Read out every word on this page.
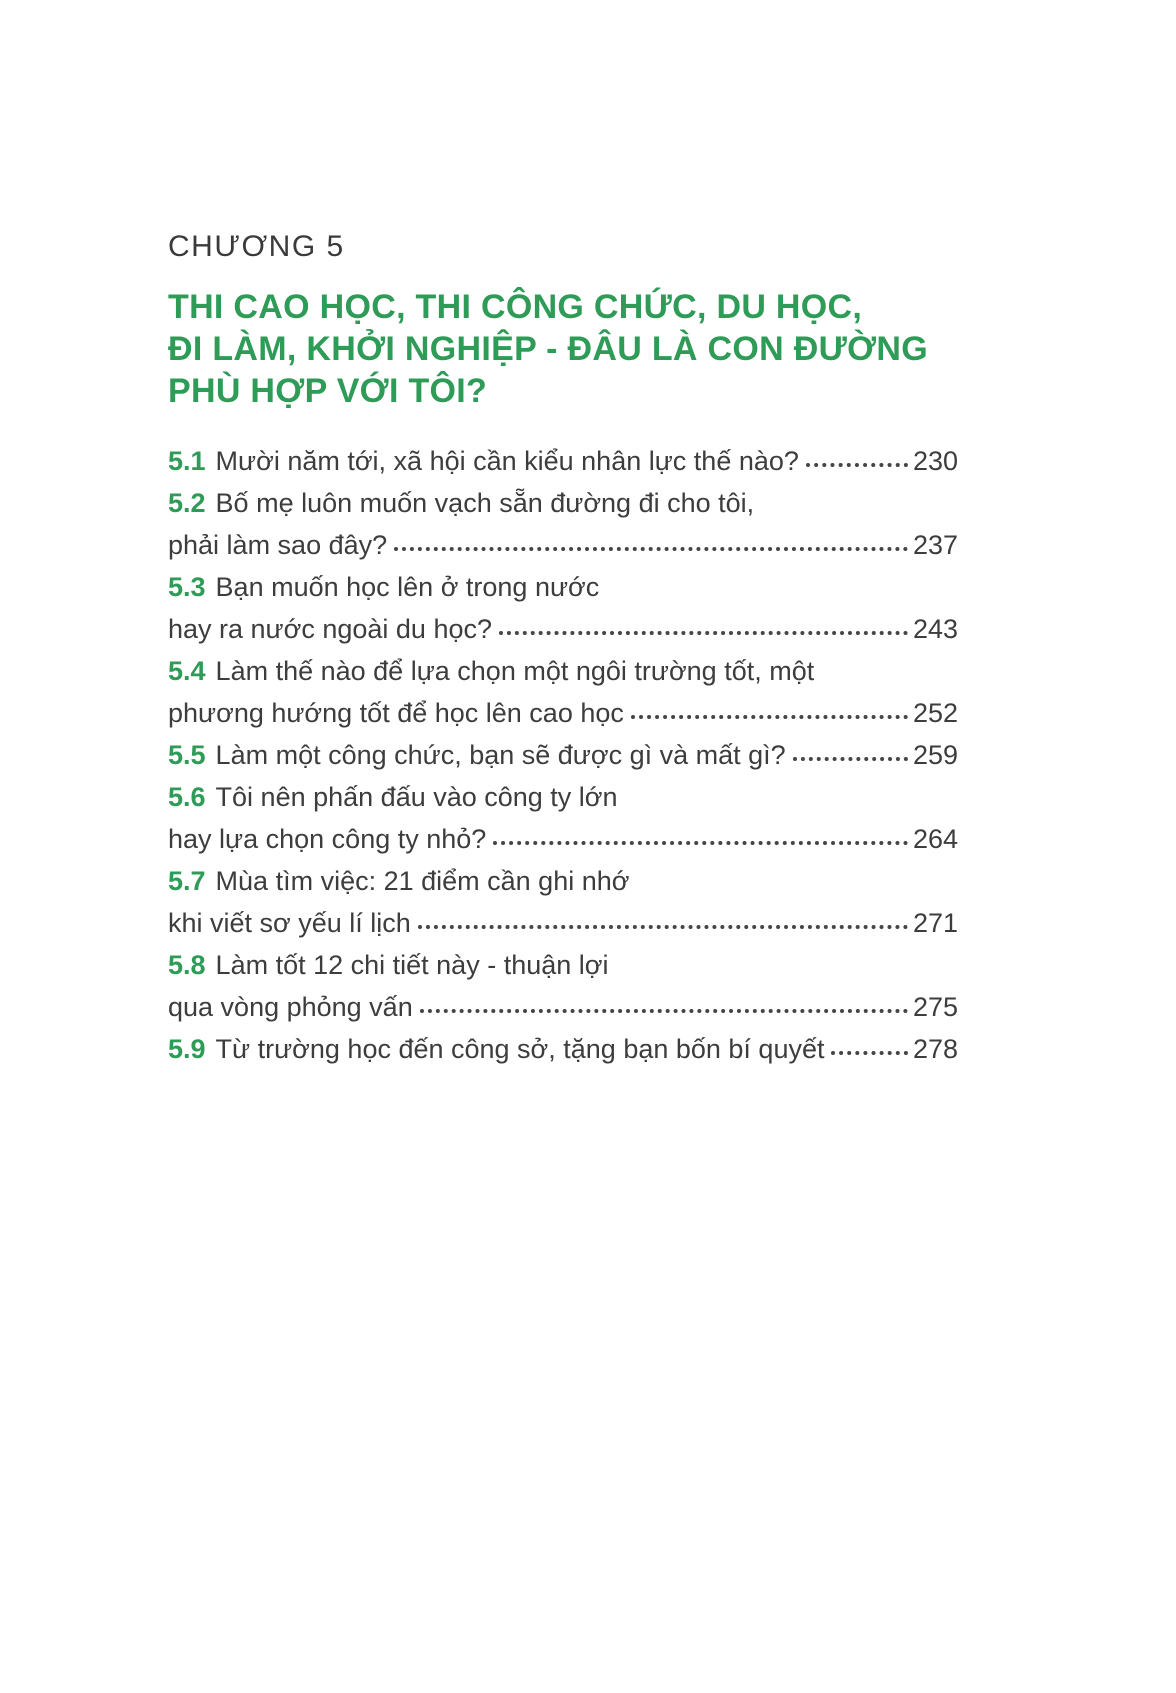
CHƯƠNG 5
THI CAO HỌC, THI CÔNG CHỨC, DU HỌC,
ĐI LÀM, KHỞI NGHIỆP - ĐÂU LÀ CON ĐƯỜNG
PHÙ HỢP VỚI TÔI?
5.1 Mười năm tới, xã hội cần kiểu nhân lực thế nào?	230
5.2 Bố mẹ luôn muốn vạch sẵn đường đi cho tôi,
phải làm sao đây?	237
5.3 Bạn muốn học lên ở trong nước
hay ra nước ngoài du học?	243
5.4 Làm thế nào để lựa chọn một ngôi trường tốt, một
phương hướng tốt để học lên cao học	252
5.5 Làm một công chức, bạn sẽ được gì và mất gì?	259
5.6 Tôi nên phấn đấu vào công ty lớn
hay lựa chọn công ty nhỏ?	264
5.7 Mùa tìm việc: 21 điểm cần ghi nhớ
khi viết sơ yếu lí lịch	271
5.8 Làm tốt 12 chi tiết này - thuận lợi
qua vòng phỏng vấn	275
5.9 Từ trường học đến công sở, tặng bạn bốn bí quyết	278
